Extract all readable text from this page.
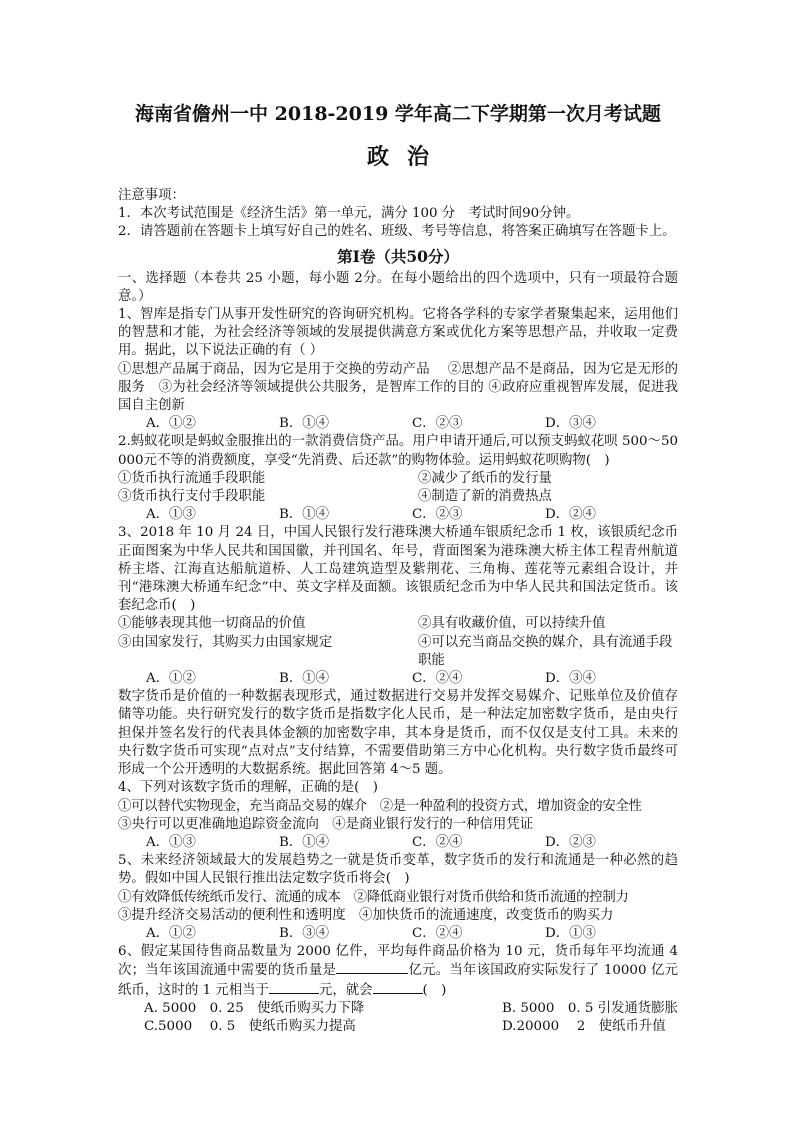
海南省儋州一中 2018-2019 学年高二下学期第一次月考试题

政治

注意事项：

1．本次考试范围是《经济生活》第一单元，满分 100 分　考试时间90分钟。

2．请答题前在答题卡上填写好自己的姓名、班级、考号等信息，将答案正确填写在答题卡上。

第Ⅰ卷（共50分）

一、选择题（本卷共 25 小题，每小题 2分。在每小题给出的四个选项中，只有一项最符合题意。）

1、智库是指专门从事开发性研究的咨询研究机构。它将各学科的专家学者聚集起来，运用他们的智慧和才能，为社会经济等领域的发展提供满意方案或优化方案等思想产品，并收取一定费用。据此，以下说法正确的有（ ）

①思想产品属于商品，因为它是用于交换的劳动产品　 ②思想产品不是商品，因为它是无形的服务　③为社会经济等领域提供公共服务，是智库工作的目的 ④政府应重视智库发展，促进我国自主创新

A．①②	B．①④	C．②③	D．③④

2.蚂蚁花呗是蚂蚁金服推出的一款消费信贷产品。用户申请开通后,可以预支蚂蚁花呗 500～50 000元不等的消费额度，享受“先消费、后还款”的购物体验。运用蚂蚁花呗购物(　)

①货币执行流通手段职能	②减少了纸币的发行量
③货币执行支付手段职能	④制造了新的消费热点
A．①③	B．①④	C．②③	D．②④

3、2018 年 10 月 24 日，中国人民银行发行港珠澳大桥通车银质纪念币 1 枚，该银质纪念币正面图案为中华人民共和国国徽，并刊国名、年号，背面图案为港珠澳大桥主体工程青州航道桥主塔、江海直达船航道桥、人工岛建筑造型及紫荆花、三角梅、莲花等元素组合设计，并刊“港珠澳大桥通车纪念”中、英文字样及面额。该银质纪念币为中华人民共和国法定货币。该套纪念币(　)

①能够表现其他一切商品的价值	②具有收藏价值，可以持续升值
③由国家发行，其购买力由国家规定	④可以充当商品交换的媒介，具有流通手段职能
A．①②	B．①④	C．②④	D．③④

数字货币是价值的一种数据表现形式，通过数据进行交易并发挥交易媒介、记账单位及价值存储等功能。央行研究发行的数字货币是指数字化人民币，是一种法定加密数字货币，是由央行担保并签名发行的代表具体金额的加密数字串，其本身是货币，而不仅仅是支付工具。未来的央行数字货币可实现“点对点”支付结算，不需要借助第三方中心化机构。央行数字货币最终可形成一个公开透明的大数据系统。据此回答第 4～5 题。

4、下列对该数字货币的理解，正确的是(　)

①可以替代实物现金，充当商品交易的媒介　②是一种盈利的投资方式，增加资金的安全性

③央行可以更准确地追踪资金流向　④是商业银行发行的一种信用凭证

A．①③	B．①④	C．②④	D．②③

5、未来经济领域最大的发展趋势之一就是货币变革，数字货币的发行和流通是一种必然的趋势。假如中国人民银行推出法定数字货币将会(　)

①有效降低传统纸币发行、流通的成本　②降低商业银行对货币供给和货币流通的控制力

③提升经济交易活动的便利性和透明度　④加快货币的流通速度，改变货币的购买力

A．①②	B．③④	C．②④	D．①③

6、假定某国待售商品数量为 2000 亿件，平均每件商品价格为 10 元，货币每年平均流通 4 次；当年该国流通中需要的货币量是	亿元。当年该国政府实际发行了 10000 亿元纸币，这时的 1 元相当于	元，就会	(　)

A. 5000　0. 25　使纸币购买力下降	B. 5000　0. 5 引发通货膨胀
C.5000　 0. 5　使纸币购买力提高	D.20000　 2　使纸币升值
